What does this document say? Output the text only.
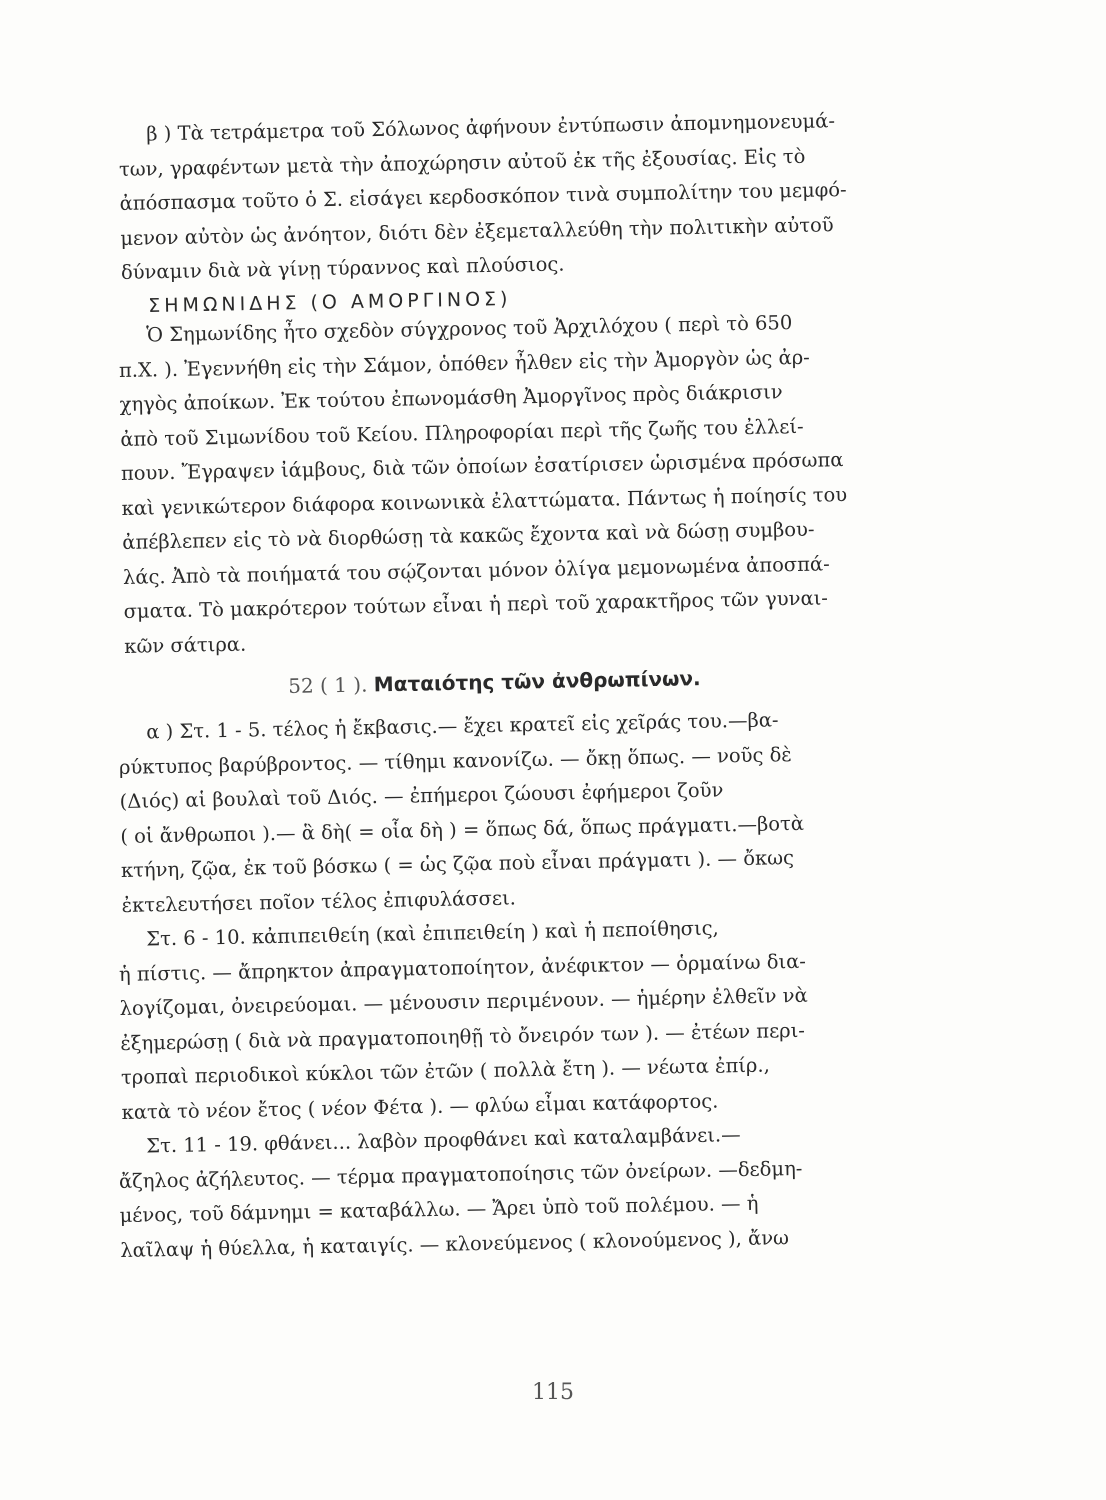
β ) Τὰ τετράμετρα τοῦ Σόλωνος ἀφήνουν ἐντύπωσιν ἀπομνημονευμά-
των, γραφέντων μετὰ τὴν ἀποχώρησιν αὐτοῦ ἐκ τῆς ἐξουσίας. Εἰς τὸ
ἀπόσπασμα τοῦτο ὁ Σ. εἰσάγει κερδοσκόπον τινὰ συμπολίτην του μεμφό-
μενον αὐτὸν ὡς ἀνόητον, διότι δὲν ἐξεμεταλλεύθη τὴν πολιτικὴν αὐτοῦ
δύναμιν διὰ νὰ γίνῃ τύραννος καὶ πλούσιος.
ΣΗΜΩΝΙΔΗΣ (Ο ΑΜΟΡΓΙΝΟΣ)
Ὁ Σημωνίδης ἦτο σχεδὸν σύγχρονος τοῦ Ἀρχιλόχου ( περὶ τὸ 650
π.Χ. ). Ἐγεννήθη εἰς τὴν Σάμον, ὁπόθεν ἦλθεν εἰς τὴν Ἀμοργὸν ὡς ἀρ-
χηγὸς ἀποίκων. Ἐκ τούτου ἐπωνομάσθη Ἀμοργῖνος πρὸς διάκρισιν
ἀπὸ τοῦ Σιμωνίδου τοῦ Κείου. Πληροφορίαι περὶ τῆς ζωῆς του ἐλλεί-
πουν. Ἔγραψεν ἰάμβους, διὰ τῶν ὁποίων ἐσατίρισεν ὡρισμένα πρόσωπα
καὶ γενικώτερον διάφορα κοινωνικὰ ἐλαττώματα. Πάντως ἡ ποίησίς του
ἀπέβλεπεν εἰς τὸ νὰ διορθώσῃ τὰ κακῶς ἔχοντα καὶ νὰ δώσῃ συμβου-
λάς. Ἀπὸ τὰ ποιήματά του σῴζονται μόνον ὀλίγα μεμονωμένα ἀποσπά-
σματα. Τὸ μακρότερον τούτων εἶναι ἡ περὶ τοῦ χαρακτῆρος τῶν γυναι-
κῶν σάτιρα.
52 ( 1 ). Ματαιότης τῶν ἀνθρωπίνων.
α ) Στ. 1 - 5. τέλος ἡ ἔκβασις.— ἔχει κρατεῖ εἰς χεῖράς του.—βα-
ρύκτυπος βαρύβροντος. — τίθημι κανονίζω. — ὄκῃ ὅπως. — νοῦς δὲ
(Διός) αἱ βουλαὶ τοῦ Διός. — ἐπήμεροι ζώουσι ἐφήμεροι ζοῦν
( οἱ ἄνθρωποι ).— ἃ δὴ( = οἷα δὴ ) = ὅπως δά, ὅπως πράγματι.—βοτὰ
κτήνη, ζῷα, ἐκ τοῦ βόσκω ( = ὡς ζῷα ποὺ εἶναι πράγματι ). — ὄκως
ἐκτελευτήσει ποῖον τέλος ἐπιφυλάσσει.
Στ. 6 - 10. κἀπιπειθείη (καὶ ἐπιπειθείη ) καὶ ἡ πεποίθησις,
ἡ πίστις. — ἄπρηκτον ἀπραγματοποίητον, ἀνέφικτον — ὁρμαίνω δια-
λογίζομαι, ὀνειρεύομαι. — μένουσιν περιμένουν. — ἡμέρην ἐλθεῖν νὰ
ἐξημερώσῃ ( διὰ νὰ πραγματοποιηθῇ τὸ ὄνειρόν των ). — ἐτέων περι-
τροπαὶ περιοδικοὶ κύκλοι τῶν ἐτῶν ( πολλὰ ἔτη ). — νέωτα ἐπίρ.,
κατὰ τὸ νέον ἔτος ( νέον Φέτα ). — φλύω εἶμαι κατάφορτος.
Στ. 11 - 19. φθάνει... λαβὸν προφθάνει καὶ καταλαμβάνει.—
ἄζηλος ἀζήλευτος. — τέρμα πραγματοποίησις τῶν ὀνείρων. —δεδμη-
μένος, τοῦ δάμνημι = καταβάλλω. — Ἄρει ὑπὸ τοῦ πολέμου. — ἡ
λαῖλαψ ἡ θύελλα, ἡ καταιγίς. — κλονεύμενος ( κλονούμενος ), ἄνω
115
